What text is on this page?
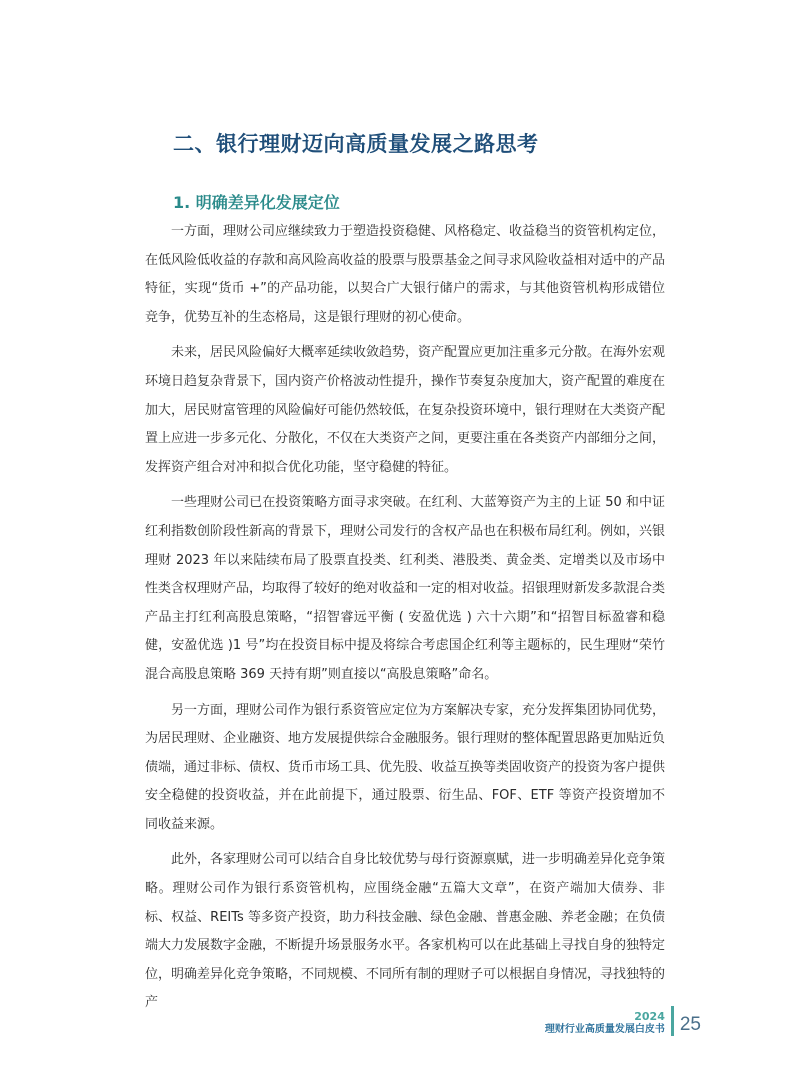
二、银行理财迈向高质量发展之路思考
1. 明确差异化发展定位

一方面，理财公司应继续致力于塑造投资稳健、风格稳定、收益稳当的资管机构定位，在低风险低收益的存款和高风险高收益的股票与股票基金之间寻求风险收益相对适中的产品特征，实现“货币 +”的产品功能，以契合广大银行储户的需求，与其他资管机构形成错位竞争，优势互补的生态格局，这是银行理财的初心使命。

未来，居民风险偏好大概率延续收敛趋势，资产配置应更加注重多元分散。在海外宏观环境日趋复杂背景下，国内资产价格波动性提升，操作节奏复杂度加大，资产配置的难度在加大，居民财富管理的风险偏好可能仍然较低，在复杂投资环境中，银行理财在大类资产配置上应进一步多元化、分散化，不仅在大类资产之间，更要注重在各类资产内部细分之间，发挥资产组合对冲和拟合优化功能，坚守稳健的特征。

一些理财公司已在投资策略方面寻求突破。在红利、大蓝筹资产为主的上证 50 和中证红利指数创阶段性新高的背景下，理财公司发行的含权产品也在积极布局红利。例如，兴银理财 2023 年以来陆续布局了股票直投类、红利类、港股类、黄金类、定增类以及市场中性类含权理财产品，均取得了较好的绝对收益和一定的相对收益。招银理财新发多款混合类产品主打红利高股息策略，“招智睿远平衡 ( 安盈优选 ) 六十六期”和“招智目标盈睿和稳健，安盈优选 )1 号”均在投资目标中提及将综合考虑国企红利等主题标的，民生理财“荣竹混合高股息策略 369 天持有期”则直接以“高股息策略”命名。

另一方面，理财公司作为银行系资管应定位为方案解决专家，充分发挥集团协同优势，为居民理财、企业融资、地方发展提供综合金融服务。银行理财的整体配置思路更加贴近负债端，通过非标、债权、货币市场工具、优先股、收益互换等类固收资产的投资为客户提供安全稳健的投资收益，并在此前提下，通过股票、衍生品、FOF、ETF 等资产投资增加不同收益来源。

此外，各家理财公司可以结合自身比较优势与母行资源禀赋，进一步明确差异化竞争策略。理财公司作为银行系资管机构，应围绕金融“五篇大文章”，在资产端加大债券、非标、权益、REITs 等多资产投资，助力科技金融、绿色金融、普惠金融、养老金融；在负债端大力发展数字金融，不断提升场景服务水平。各家机构可以在此基础上寻找自身的独特定位，明确差异化竞争策略，不同规模、不同所有制的理财子可以根据自身情况，寻找独特的产

2024
理财行业高质量发展白皮书 25
